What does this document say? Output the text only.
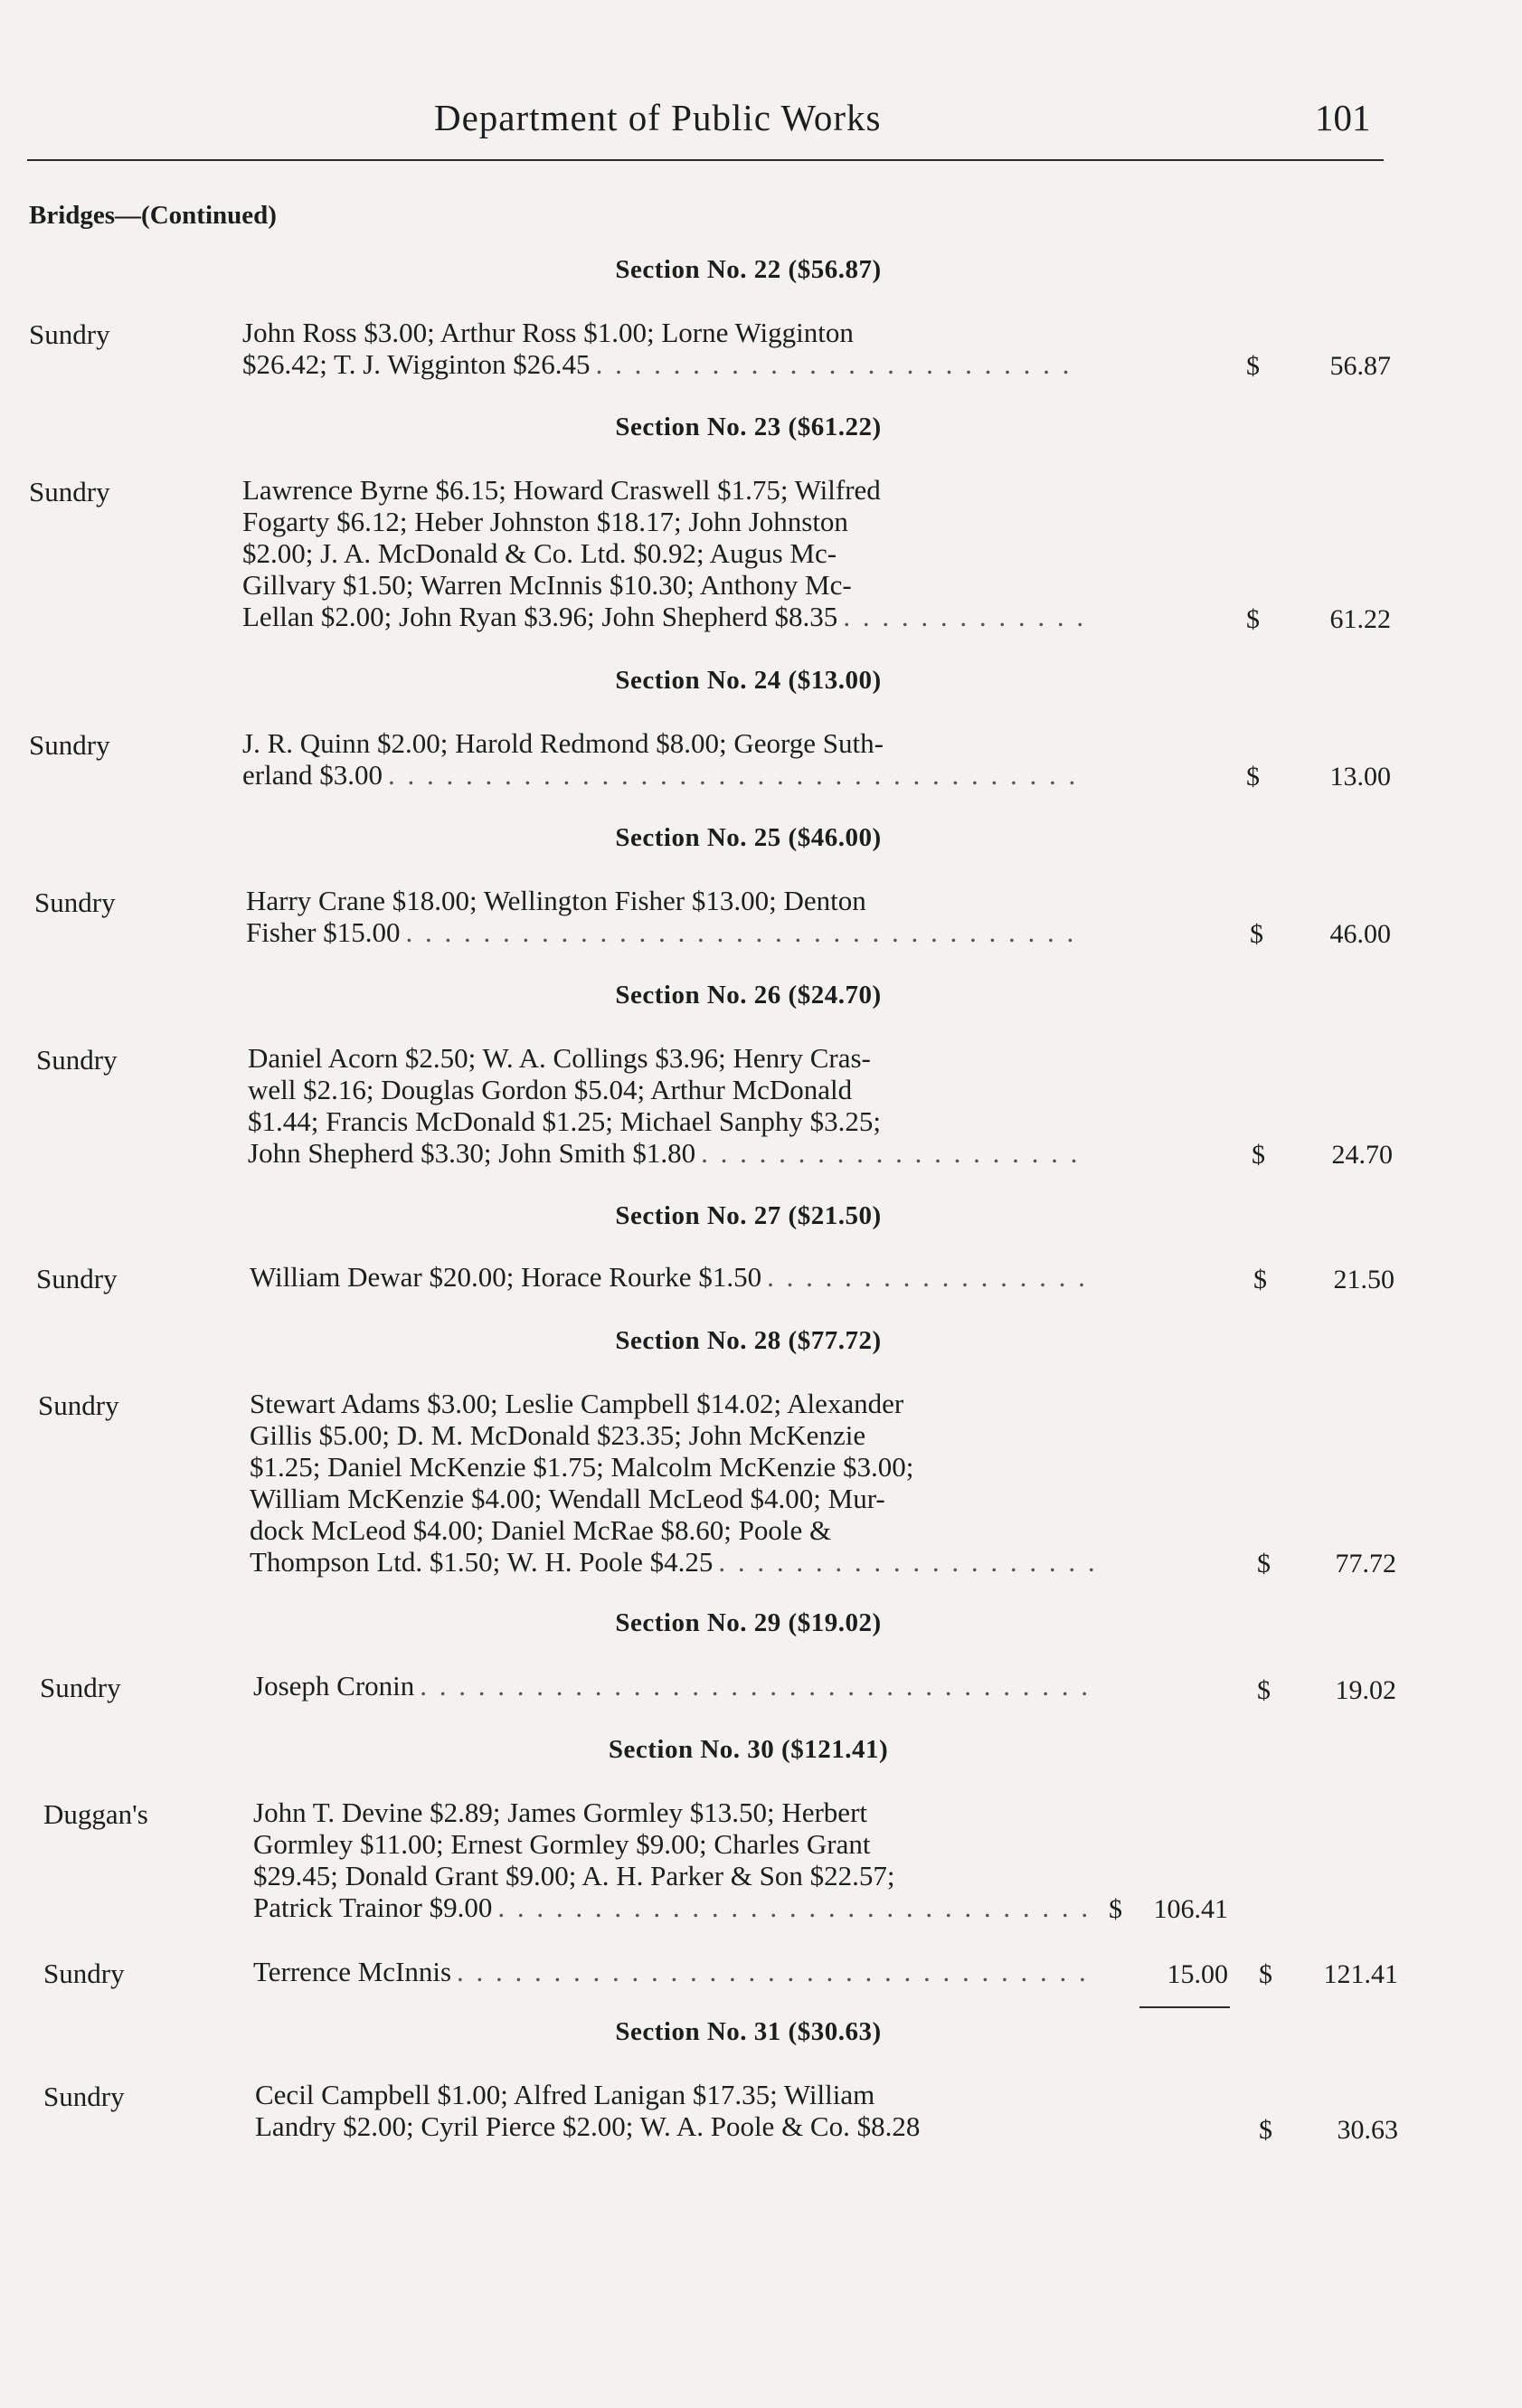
Department of Public Works	101
Bridges—(Continued)
Section No. 22 ($56.87)
Sundry	John Ross $3.00; Arthur Ross $1.00; Lorne Wigginton
$26.42; T. J. Wigginton $26.45 . . .	$	56.87
Section No. 23 ($61.22)
Sundry	Lawrence Byrne $6.15; Howard Craswell $1.75; Wilfred
Fogarty $6.12; Heber Johnston $18.17; John Johnston
$2.00; J. A. McDonald & Co. Ltd. $0.92; Augus Mc-
Gillvary $1.50; Warren McInnis $10.30; Anthony Mc-
Lellan $2.00; John Ryan $3.96; John Shepherd $8.35 . . .	$	61.22
Section No. 24 ($13.00)
Sundry	J. R. Quinn $2.00; Harold Redmond $8.00; George Suth-
erland $3.00 . . .	$	13.00
Section No. 25 ($46.00)
Sundry	Harry Crane $18.00; Wellington Fisher $13.00; Denton
Fisher $15.00 . . .	$	46.00
Section No. 26 ($24.70)
Sundry	Daniel Acorn $2.50; W. A. Collings $3.96; Henry Cras-
well $2.16; Douglas Gordon $5.04; Arthur McDonald
$1.44; Francis McDonald $1.25; Michael Sanphy $3.25;
John Shepherd $3.30; John Smith $1.80 . . .	$	24.70
Section No. 27 ($21.50)
Sundry	William Dewar $20.00; Horace Rourke $1.50 . . .	$	21.50
Section No. 28 ($77.72)
Sundry	Stewart Adams $3.00; Leslie Campbell $14.02; Alexander
Gillis $5.00; D. M. McDonald $23.35; John McKenzie
$1.25; Daniel McKenzie $1.75; Malcolm McKenzie $3.00;
William McKenzie $4.00; Wendall McLeod $4.00; Mur-
dock McLeod $4.00; Daniel McRae $8.60; Poole &
Thompson Ltd. $1.50; W. H. Poole $4.25 . . .	$	77.72
Section No. 29 ($19.02)
Sundry	Joseph Cronin . . .	$	19.02
Section No. 30 ($121.41)
Duggan's	John T. Devine $2.89; James Gormley $13.50; Herbert
Gormley $11.00; Ernest Gormley $9.00; Charles Grant
$29.45; Donald Grant $9.00; A. H. Parker & Son $22.57;
Patrick Trainor $9.00 . . .	$	106.41
Sundry	Terrence McInnis . . .	15.00 $	121.41
Section No. 31 ($30.63)
Sundry	Cecil Campbell $1.00; Alfred Lanigan $17.35; William
Landry $2.00; Cyril Pierce $2.00; W. A. Poole & Co. $8.28	$	30.63
